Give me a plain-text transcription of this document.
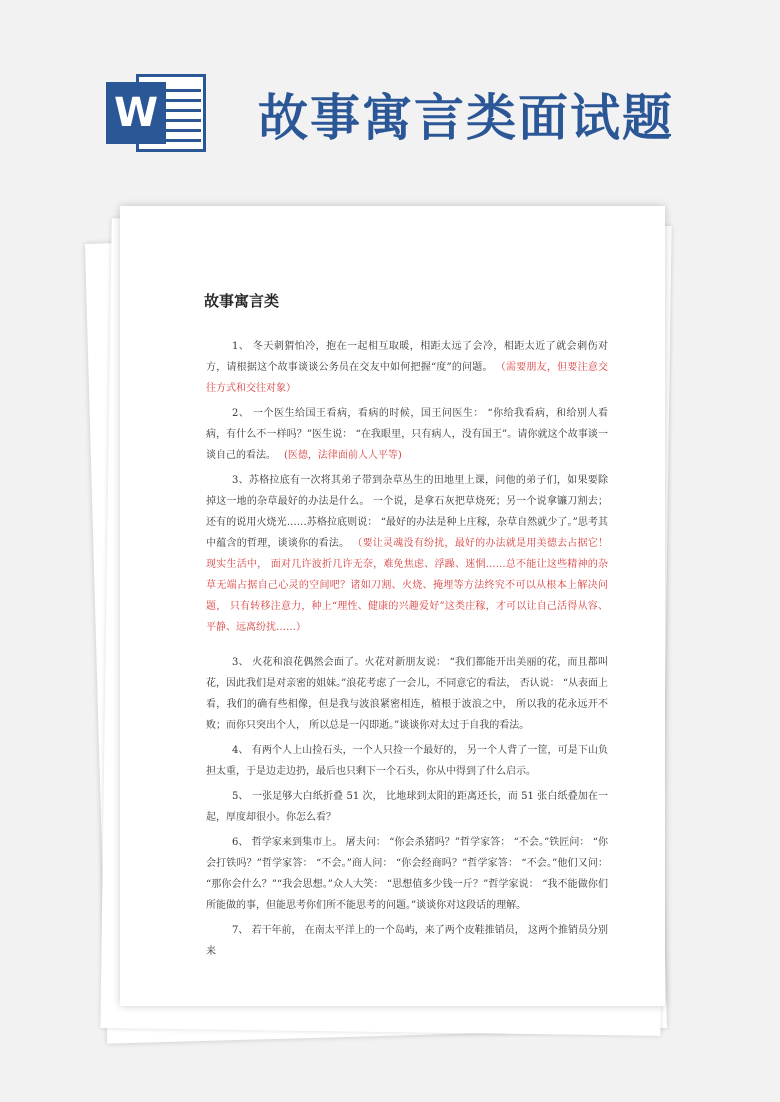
W 故事寓言类面试题
故事寓言类

1、 冬天刺猬怕冷，抱在一起相互取暖，相距太远了会冷，相距太近了就会刺伤对方，请根据这个故事谈谈公务员在交友中如何把握“度”的问题。 （需要朋友，但要注意交往方式和交往对象）

2、 一个医生给国王看病，看病的时候，国王问医生： “你给我看病，和给别人看病，有什么不一样吗？”医生说： “在我眼里，只有病人，没有国王”。请你就这个故事谈一谈自己的看法。 (医德，法律面前人人平等)

3、苏格拉底有一次将其弟子带到杂草丛生的田地里上课，问他的弟子们，如果要除掉这一地的杂草最好的办法是什么。 一个说，是拿石灰把草烧死；另一个说拿镰刀割去； 还有的说用火烧光……苏格拉底则说： “最好的办法是种上庄稼，杂草自然就少了。”思考其中蕴含的哲理，谈谈你的看法。 （要让灵魂没有纷扰，最好的办法就是用美德去占据它！现实生活中， 面对几许波折几许无奈，难免焦虑、浮躁、迷惘……总不能让这些精神的杂草无端占据自己心灵的空间吧？诸如刀割、火烧、掩埋等方法终究不可以从根本上解决问题， 只有转移注意力，种上“理性、健康的兴趣爱好”这类庄稼，才可以让自己活得从容、平静、远离纷扰……）

3、 火花和浪花偶然会面了。火花对新朋友说： “我们都能开出美丽的花，而且都叫花，因此我们是对亲密的姐妹。”浪花考虑了一会儿，不同意它的看法， 否认说： “从表面上看，我们的确有些相像，但是我与波浪紧密相连，植根于波浪之中， 所以我的花永远开不败；而你只突出个人， 所以总是一闪即逝。”谈谈你对太过于自我的看法。

4、 有两个人上山捡石头，一个人只捡一个最好的， 另一个人背了一筐，可是下山负担太重，于是边走边扔，最后也只剩下一个石头，你从中得到了什么启示。

5、 一张足够大白纸折叠 51 次， 比地球到太阳的距离还长，而 51 张白纸叠加在一起，厚度却很小。你怎么看？

6、 哲学家来到集市上。 屠夫问： “你会杀猪吗？”哲学家答： “不会。”铁匠问： “你会打铁吗？”哲学家答： “不会。”商人问： “你会经商吗？”哲学家答： “不会。”他们又问： “那你会什么？”“我会思想。”众人大笑： “思想值多少钱一斤？”哲学家说： “我不能做你们所能做的事，但能思考你们所不能思考的问题。”谈谈你对这段话的理解。

7、 若干年前， 在南太平洋上的一个岛屿，来了两个皮鞋推销员， 这两个推销员分别来
